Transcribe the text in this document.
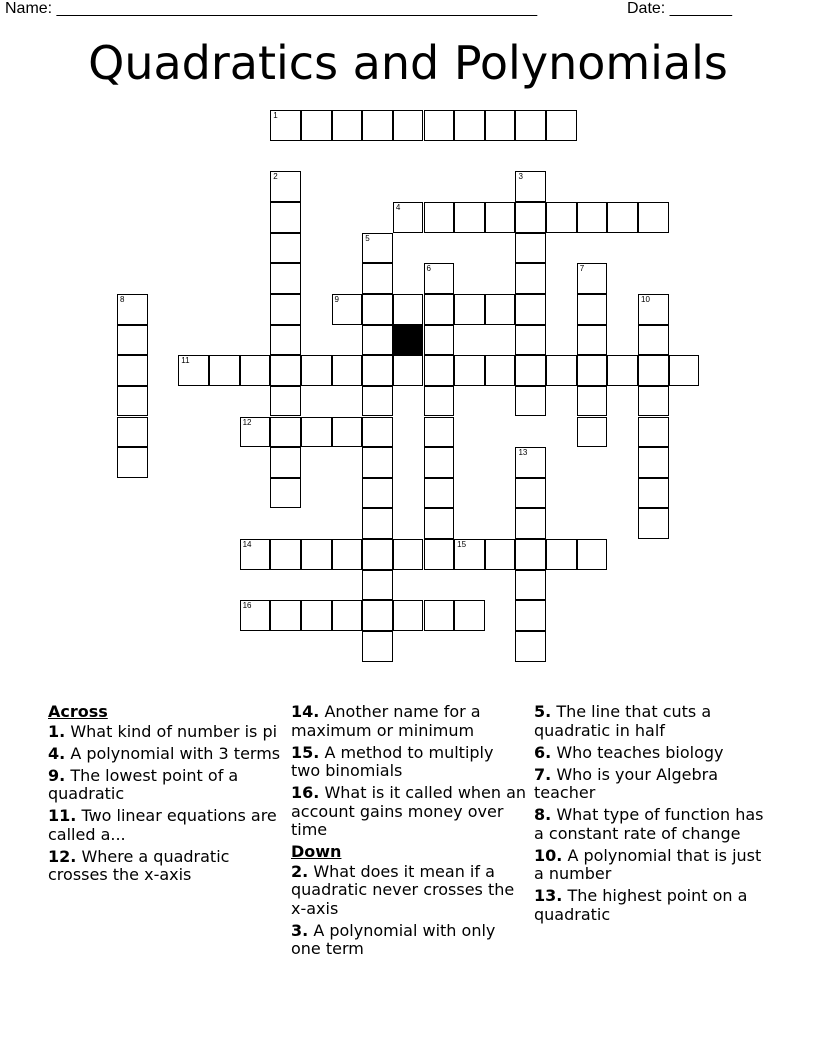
Name: ______________________________________________________	Date: _______
Quadratics and Polynomials
1
2	3
4
5
6	7
8	9	10
11
12
13
14	15
16
Across
1. What kind of number is pi
4. A polynomial with 3 terms
9. The lowest point of a quadratic
11. Two linear equations are called a...
12. Where a quadratic crosses the x-axis
14. Another name for a maximum or minimum
15. A method to multiply two binomials
16. What is it called when an account gains money over time
Down
2. What does it mean if a quadratic never crosses the x-axis
3. A polynomial with only one term
5. The line that cuts a quadratic in half
6. Who teaches biology
7. Who is your Algebra teacher
8. What type of function has a constant rate of change
10. A polynomial that is just a number
13. The highest point on a quadratic
